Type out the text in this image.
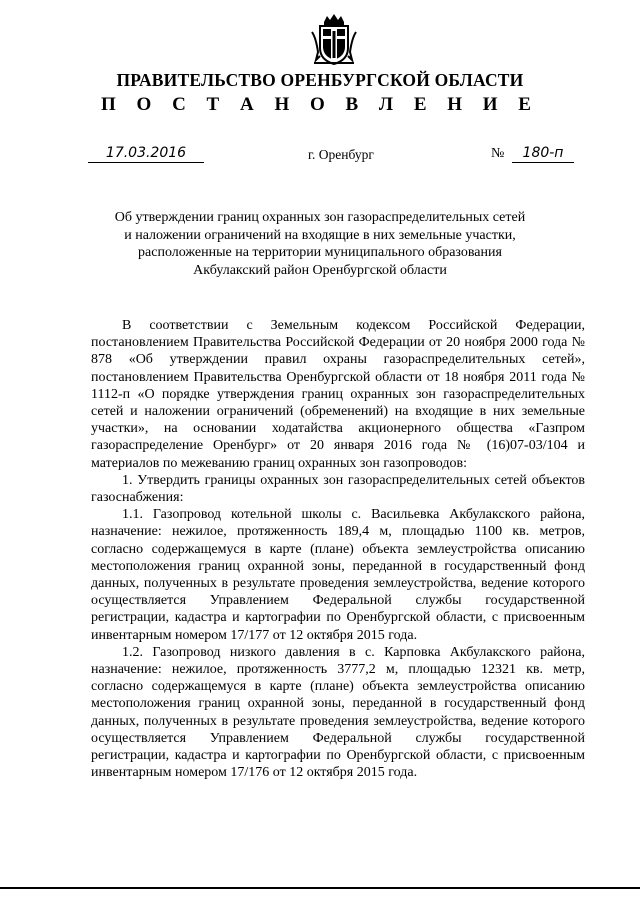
ПРАВИТЕЛЬСТВО ОРЕНБУРГСКОЙ ОБЛАСТИ
П О С Т А Н О В Л Е Н И Е
17.03.2016	г. Оренбург	№	180-п
Об утверждении границ охранных зон газораспределительных сетей
и наложении ограничений на входящие в них земельные участки,
расположенные на территории муниципального образования
Акбулакский район Оренбургской области

В соответствии с Земельным кодексом Российской Федерации, постановлением Правительства Российской Федерации от 20 ноября 2000 года № 878 «Об утверждении правил охраны газораспределительных сетей», постановлением Правительства Оренбургской области от 18 ноября 2011 года № 1112-п «О порядке утверждения границ охранных зон газораспределительных сетей и наложении ограничений (обременений) на входящие в них земельные участки», на основании ходатайства акционерного общества «Газпром газораспределение Оренбург» от 20 января 2016 года № (16)07-03/104 и материалов по межеванию границ охранных зон газопроводов:

1. Утвердить границы охранных зон газораспределительных сетей объектов газоснабжения:

1.1. Газопровод котельной школы с. Васильевка Акбулакского района, назначение: нежилое, протяженность 189,4 м, площадью 1100 кв. метров, согласно содержащемуся в карте (плане) объекта землеустройства описанию местоположения границ охранной зоны, переданной в государственный фонд данных, полученных в результате проведения землеустройства, ведение которого осуществляется Управлением Федеральной службы государственной регистрации, кадастра и картографии по Оренбургской области, с присвоенным инвентарным номером 17/177 от 12 октября 2015 года.

1.2. Газопровод низкого давления в с. Карповка Акбулакского района, назначение: нежилое, протяженность 3777,2 м, площадью 12321 кв. метр, согласно содержащемуся в карте (плане) объекта землеустройства описанию местоположения границ охранной зоны, переданной в государственный фонд данных, полученных в результате проведения землеустройства, ведение которого осуществляется Управлением Федеральной службы государственной регистрации, кадастра и картографии по Оренбургской области, с присвоенным инвентарным номером 17/176 от 12 октября 2015 года.
